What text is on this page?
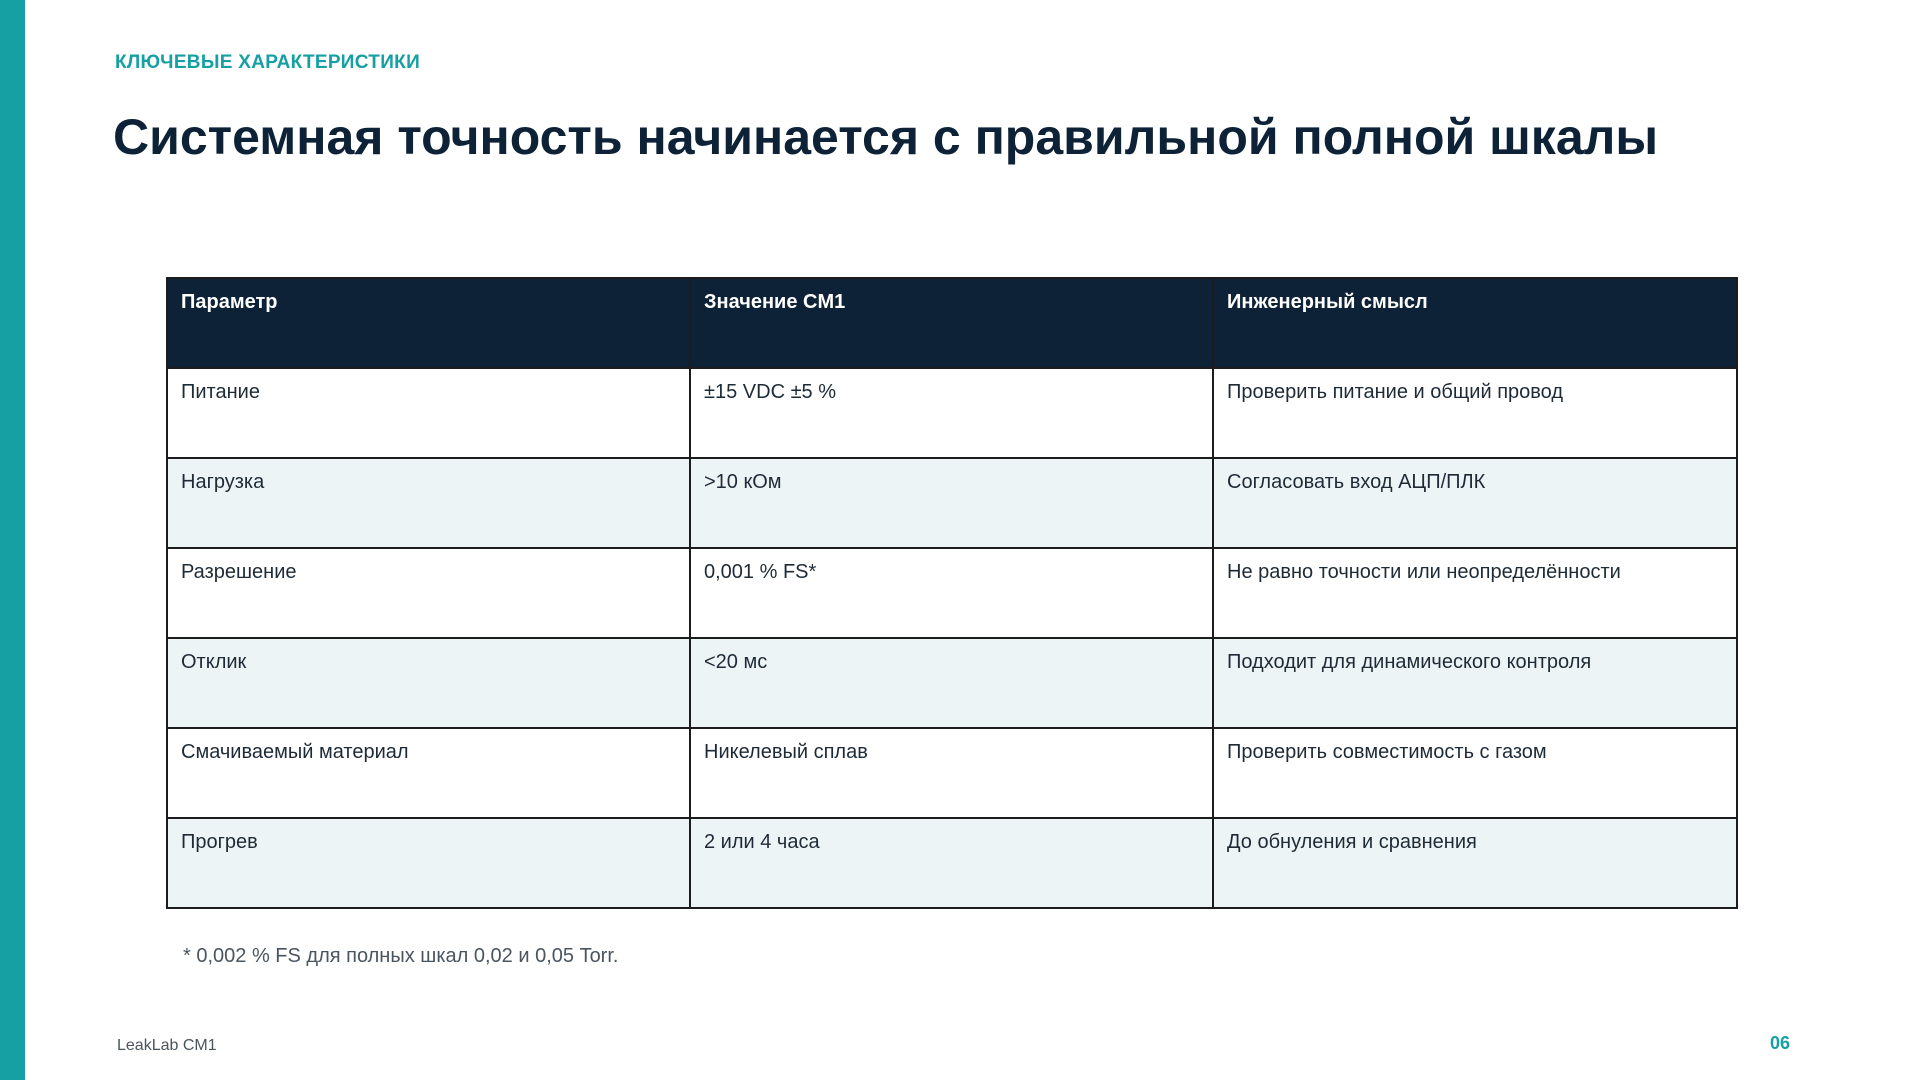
КЛЮЧЕВЫЕ ХАРАКТЕРИСТИКИ
Системная точность начинается с правильной полной шкалы
Параметр	Значение CM1	Инженерный смысл
Питание	±15 VDC ±5 %	Проверить питание и общий провод
Нагрузка	>10 кОм	Согласовать вход АЦП/ПЛК
Разрешение	0,001 % FS*	Не равно точности или неопределённости
Отклик	<20 мс	Подходит для динамического контроля
Смачиваемый материал	Никелевый сплав	Проверить совместимость с газом
Прогрев	2 или 4 часа	До обнуления и сравнения
* 0,002 % FS для полных шкал 0,02 и 0,05 Torr.
LeakLab CM1	06
